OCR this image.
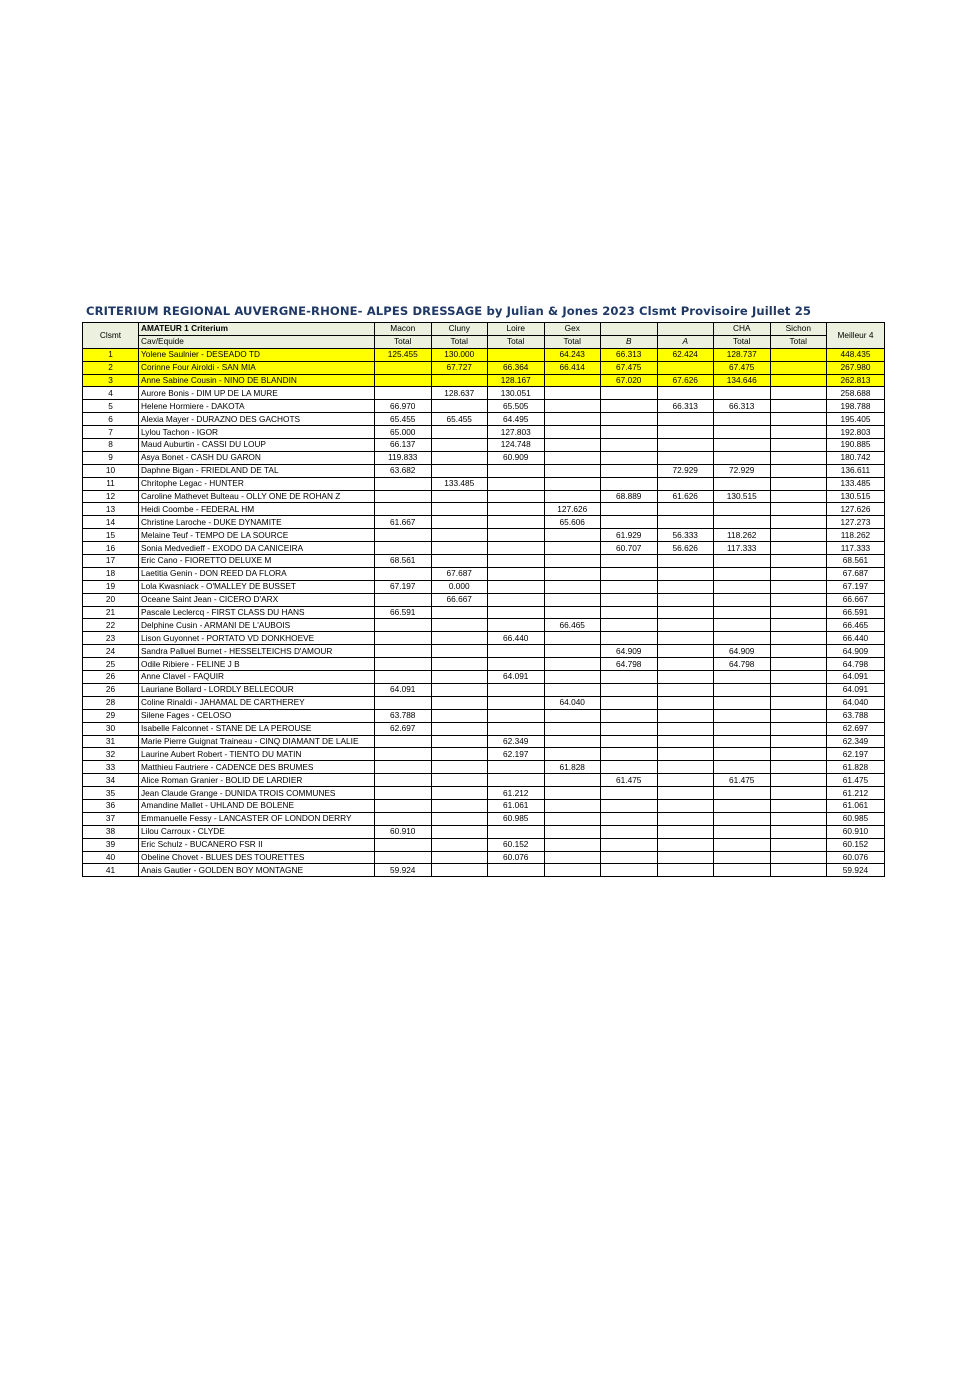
CRITERIUM REGIONAL AUVERGNE-RHONE- ALPES DRESSAGE by Julian & Jones 2023 Clsmt Provisoire Juillet 25
Clsmt	AMATEUR 1 Criterium	Macon	Cluny	Loire	Gex			CHA	Sichon	Meilleur 4
	Cav/Equide	Total	Total	Total	Total	B	A	Total	Total	
1	Yolene Saulnier - DESEADO TD	125.455	130.000		64.243	66.313	62.424	128.737		448.435
2	Corinne Four Airoldi - SAN MIA		67.727	66.364	66.414	67.475		67.475		267.980
3	Anne Sabine Cousin - NINO DE BLANDIN			128.167		67.020	67.626	134.646		262.813
4	Aurore Bonis - DIM UP DE LA MURE		128.637	130.051						258.688
5	Helene Hormiere - DAKOTA	66.970		65.505			66.313	66.313		198.788
6	Alexia Mayer - DURAZNO DES GACHOTS	65.455	65.455	64.495						195.405
7	Lylou Tachon - IGOR	65.000		127.803						192.803
8	Maud Auburtin - CASSI DU LOUP	66.137		124.748						190.885
9	Asya Bonet - CASH DU GARON	119.833		60.909						180.742
10	Daphne Bigan - FRIEDLAND DE TAL	63.682					72.929	72.929		136.611
11	Chritophe Legac - HUNTER		133.485							133.485
12	Caroline Mathevet Bulteau - OLLY ONE DE ROHAN Z					68.889	61.626	130.515		130.515
13	Heidi Coombe - FEDERAL HM				127.626					127.626
14	Christine Laroche - DUKE DYNAMITE	61.667			65.606					127.273
15	Melaine Teuf - TEMPO DE LA SOURCE					61.929	56.333	118.262		118.262
16	Sonia Medvedieff - EXODO DA CANICEIRA					60.707	56.626	117.333		117.333
17	Eric Cano - FIORETTO DELUXE M	68.561								68.561
18	Laetitia Genin - DON REED DA FLORA		67.687							67.687
19	Lola Kwasniack - O'MALLEY DE BUSSET	67.197	0.000							67.197
20	Oceane Saint Jean - CICERO D'ARX		66.667							66.667
21	Pascale Leclercq - FIRST CLASS DU HANS	66.591								66.591
22	Delphine Cusin - ARMANI DE L'AUBOIS				66.465					66.465
23	Lison Guyonnet - PORTATO VD DONKHOEVE			66.440						66.440
24	Sandra Palluel Burnet - HESSELTEICHS D'AMOUR					64.909		64.909		64.909
25	Odile Ribiere - FELINE J B					64.798		64.798		64.798
26	Anne Clavel - FAQUIR			64.091						64.091
26	Lauriane Bollard - LORDLY BELLECOUR	64.091								64.091
28	Coline Rinaldi - JAHAMAL DE CARTHEREY				64.040					64.040
29	Silene Fages - CELOSO	63.788								63.788
30	Isabelle Falconnet - STANE DE LA PEROUSE	62.697								62.697
31	Marie Pierre Guignat Traineau - CINQ DIAMANT DE LALIE			62.349						62.349
32	Laurine Aubert Robert - TIENTO DU MATIN			62.197						62.197
33	Matthieu Fautriere - CADENCE DES BRUMES				61.828					61.828
34	Alice Roman Granier - BOLID DE LARDIER					61.475		61.475		61.475
35	Jean Claude Grange - DUNIDA TROIS COMMUNES			61.212						61.212
36	Amandine Mallet - UHLAND DE BOLENE			61.061						61.061
37	Emmanuelle Fessy - LANCASTER OF LONDON DERRY			60.985						60.985
38	Lilou Carroux - CLYDE	60.910								60.910
39	Eric Schulz - BUCANERO FSR II			60.152						60.152
40	Obeline Chovet - BLUES DES TOURETTES			60.076						60.076
41	Anais Gautier - GOLDEN BOY MONTAGNE	59.924								59.924
